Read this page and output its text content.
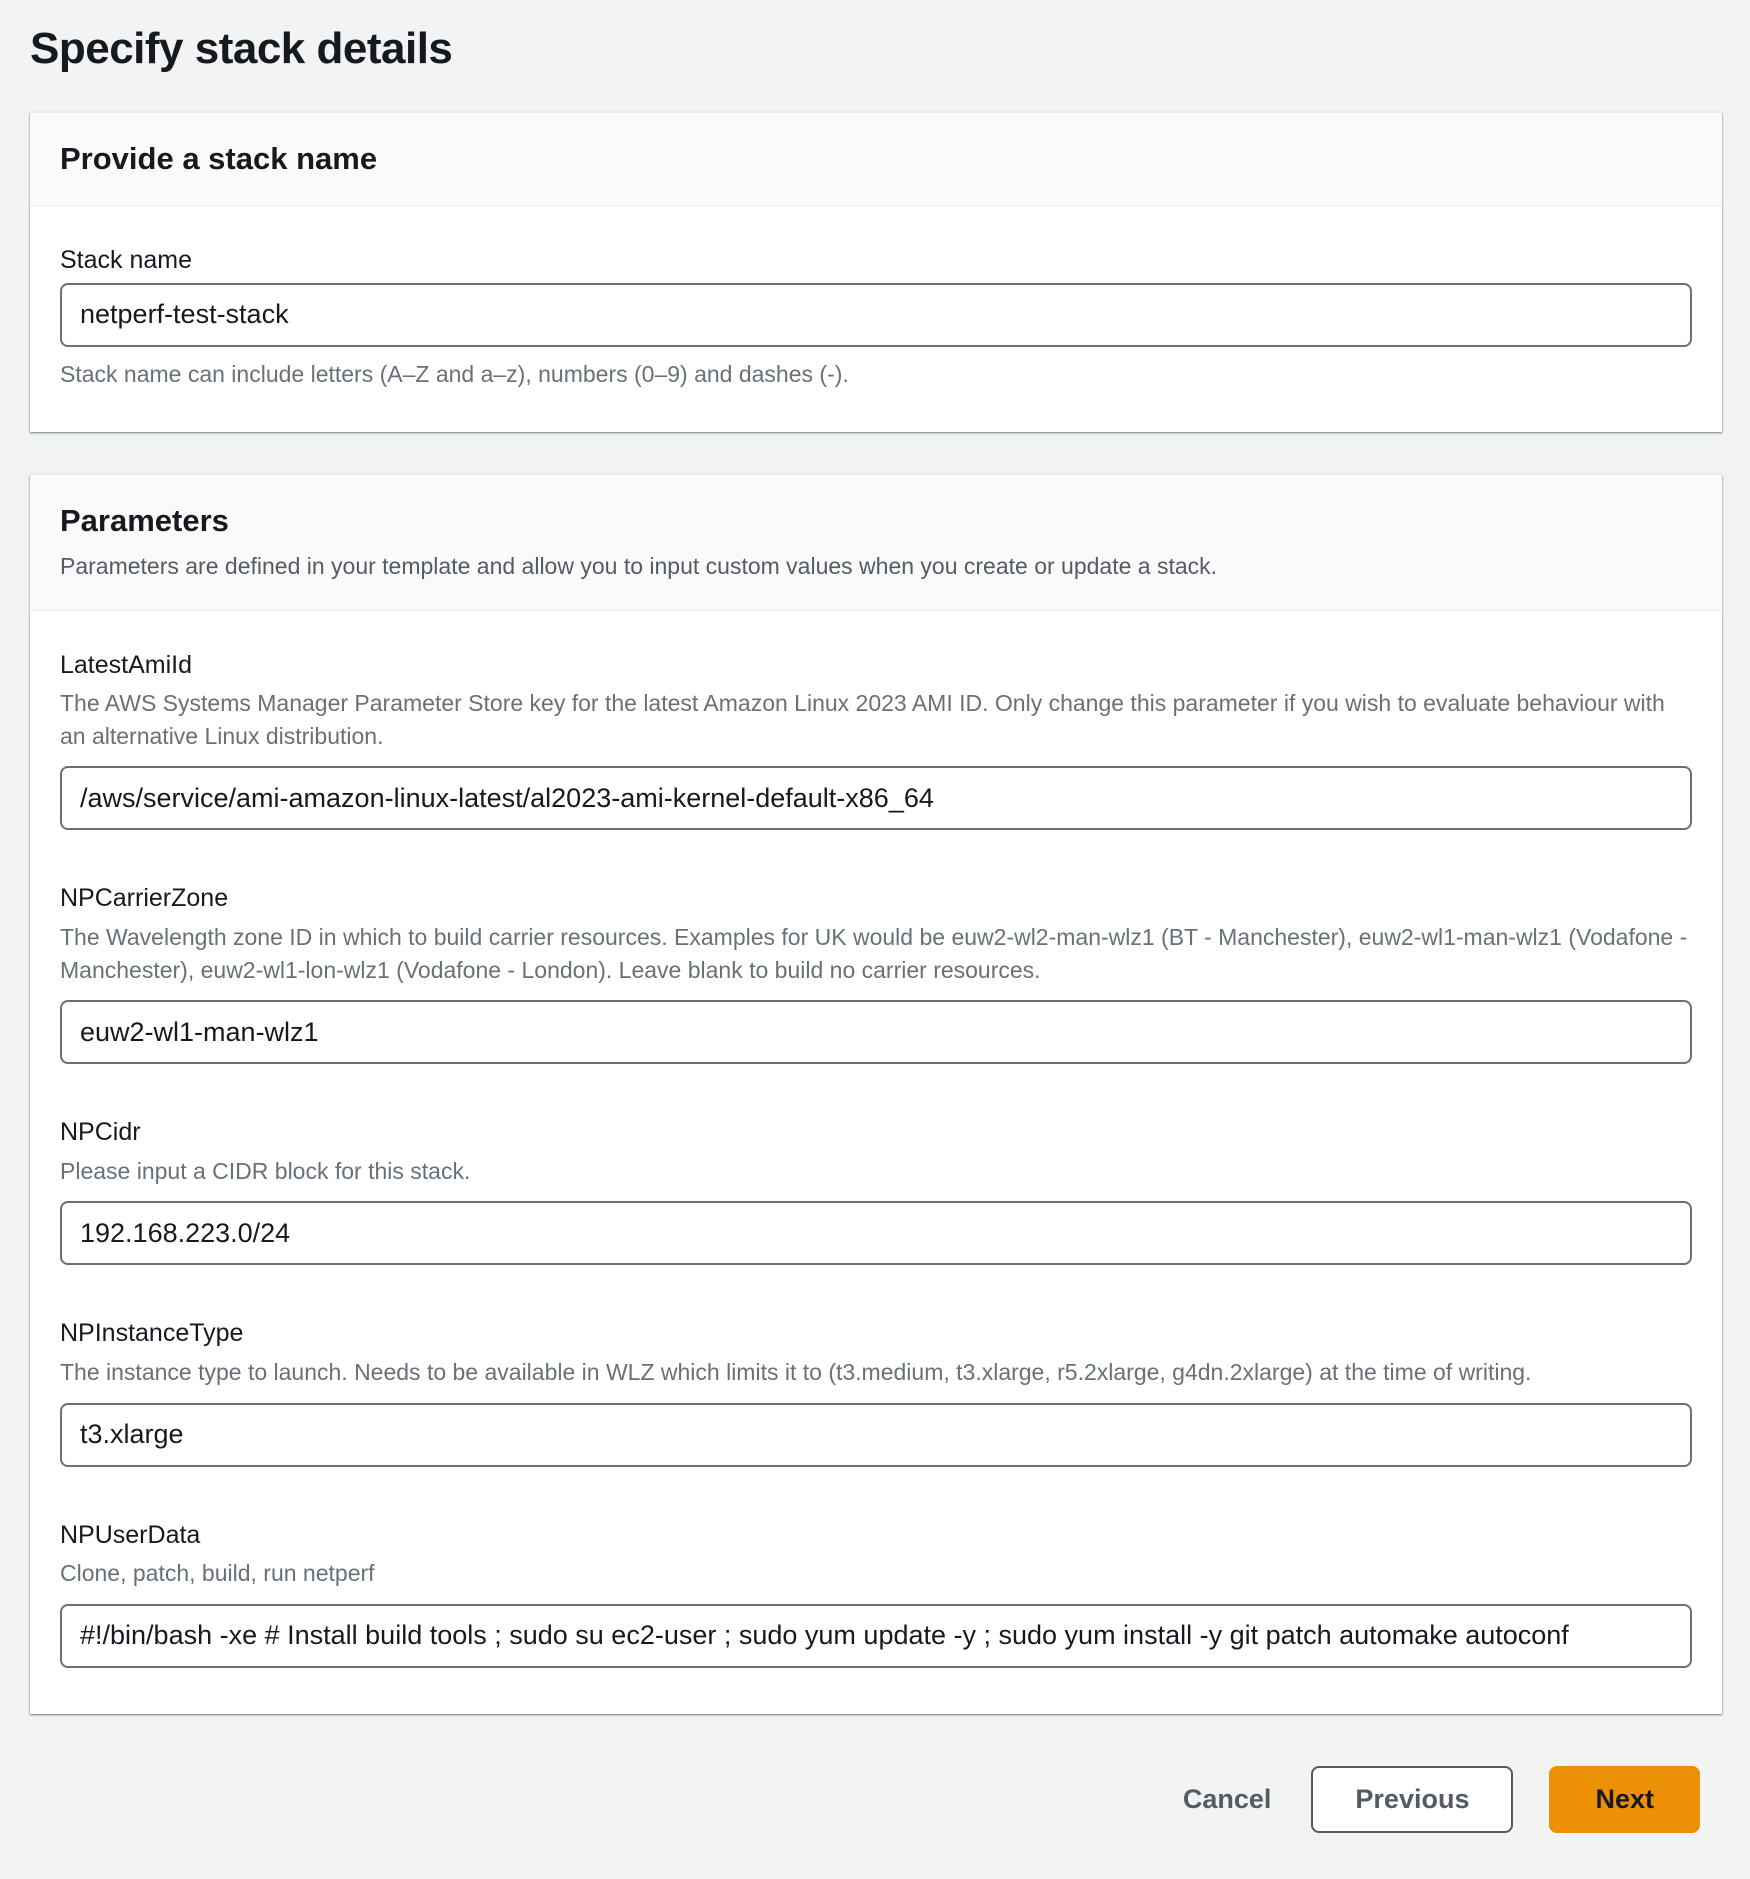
Specify stack details
Provide a stack name
Stack name
netperf-test-stack

Stack name can include letters (A–Z and a–z), numbers (0–9) and dashes (-).

Parameters

Parameters are defined in your template and allow you to input custom values when you create or update a stack.

LatestAmiId

The AWS Systems Manager Parameter Store key for the latest Amazon Linux 2023 AMI ID. Only change this parameter if you wish to evaluate behaviour with an alternative Linux distribution.

/aws/service/ami-amazon-linux-latest/al2023-ami-kernel-default-x86_64
NPCarrierZone

The Wavelength zone ID in which to build carrier resources. Examples for UK would be euw2-wl2-man-wlz1 (BT - Manchester), euw2-wl1-man-wlz1 (Vodafone - Manchester), euw2-wl1-lon-wlz1 (Vodafone - London). Leave blank to build no carrier resources.

euw2-wl1-man-wlz1
NPCidr

Please input a CIDR block for this stack.

192.168.223.0/24
NPInstanceType

The instance type to launch. Needs to be available in WLZ which limits it to (t3.medium, t3.xlarge, r5.2xlarge, g4dn.2xlarge) at the time of writing.

t3.xlarge
NPUserData

Clone, patch, build, run netperf

#!/bin/bash -xe # Install build tools ; sudo su ec2-user ; sudo yum update -y ; sudo yum install -y git patch automake autoconf
Cancel	Previous	Next
